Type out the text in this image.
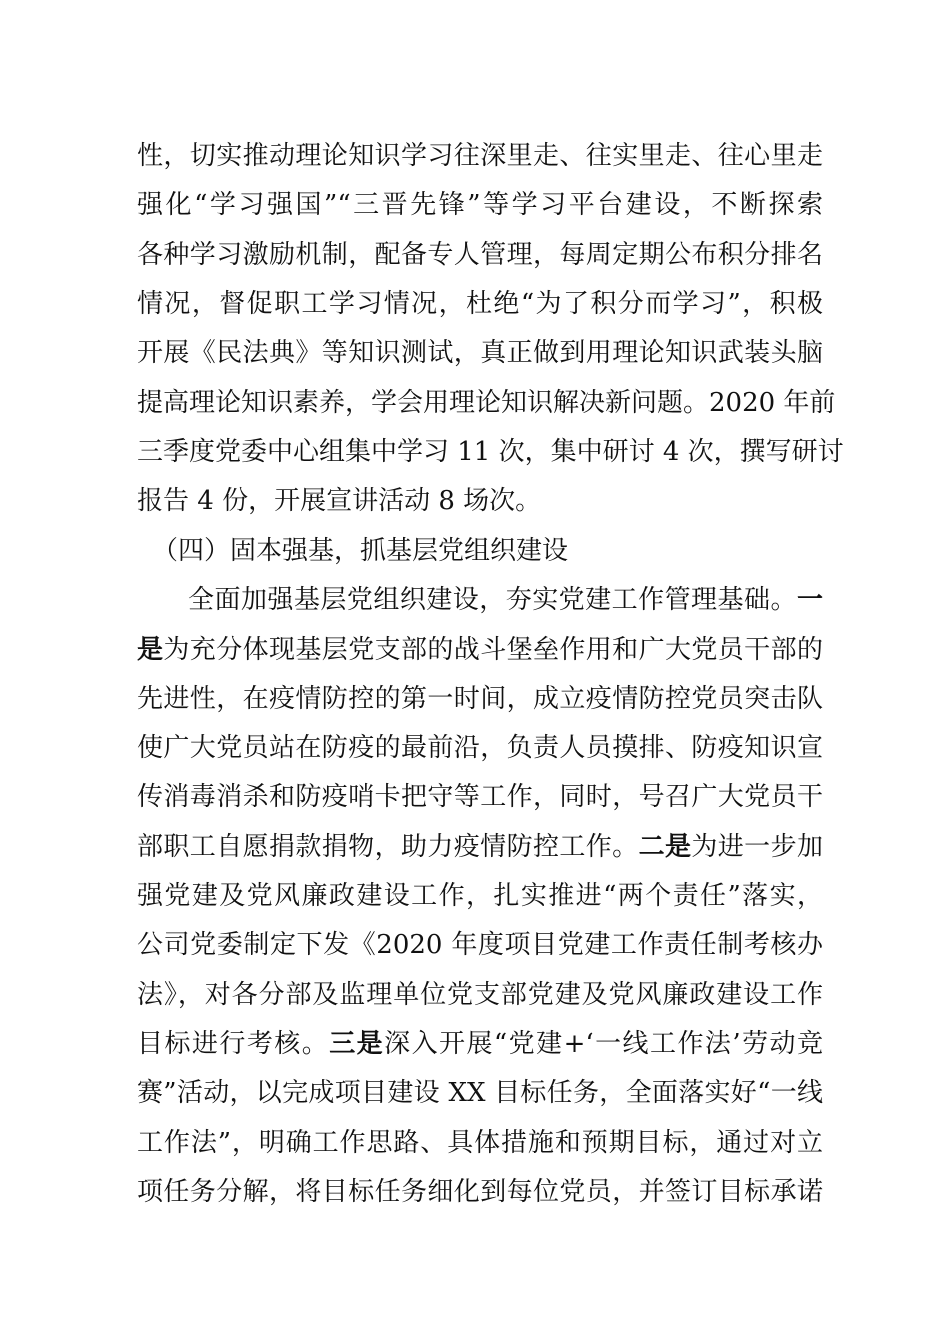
性，切实推动理论知识学习往深里走、往实里走、往心里走
强化“学习强国”“三晋先锋”等学习平台建设，不断探索
各种学习激励机制，配备专人管理，每周定期公布积分排名
情况，督促职工学习情况，杜绝“为了积分而学习”，积极
开展《民法典》等知识测试，真正做到用理论知识武装头脑
提高理论知识素养，学会用理论知识解决新问题。2020 年前
三季度党委中心组集中学习 11 次，集中研讨 4 次，撰写研讨
报告 4 份，开展宣讲活动 8 场次。
（四）固本强基，抓基层党组织建设
全面加强基层党组织建设，夯实党建工作管理基础。一
是为充分体现基层党支部的战斗堡垒作用和广大党员干部的
先进性，在疫情防控的第一时间，成立疫情防控党员突击队
使广大党员站在防疫的最前沿，负责人员摸排、防疫知识宣
传消毒消杀和防疫哨卡把守等工作，同时，号召广大党员干
部职工自愿捐款捐物，助力疫情防控工作。二是为进一步加
强党建及党风廉政建设工作，扎实推进“两个责任”落实，
公司党委制定下发《2020 年度项目党建工作责任制考核办
法》，对各分部及监理单位党支部党建及党风廉政建设工作
目标进行考核。三是深入开展“党建+‘一线工作法’劳动竞
赛”活动，以完成项目建设 XX 目标任务，全面落实好“一线
工作法”，明确工作思路、具体措施和预期目标，通过对立
项任务分解，将目标任务细化到每位党员，并签订目标承诺
